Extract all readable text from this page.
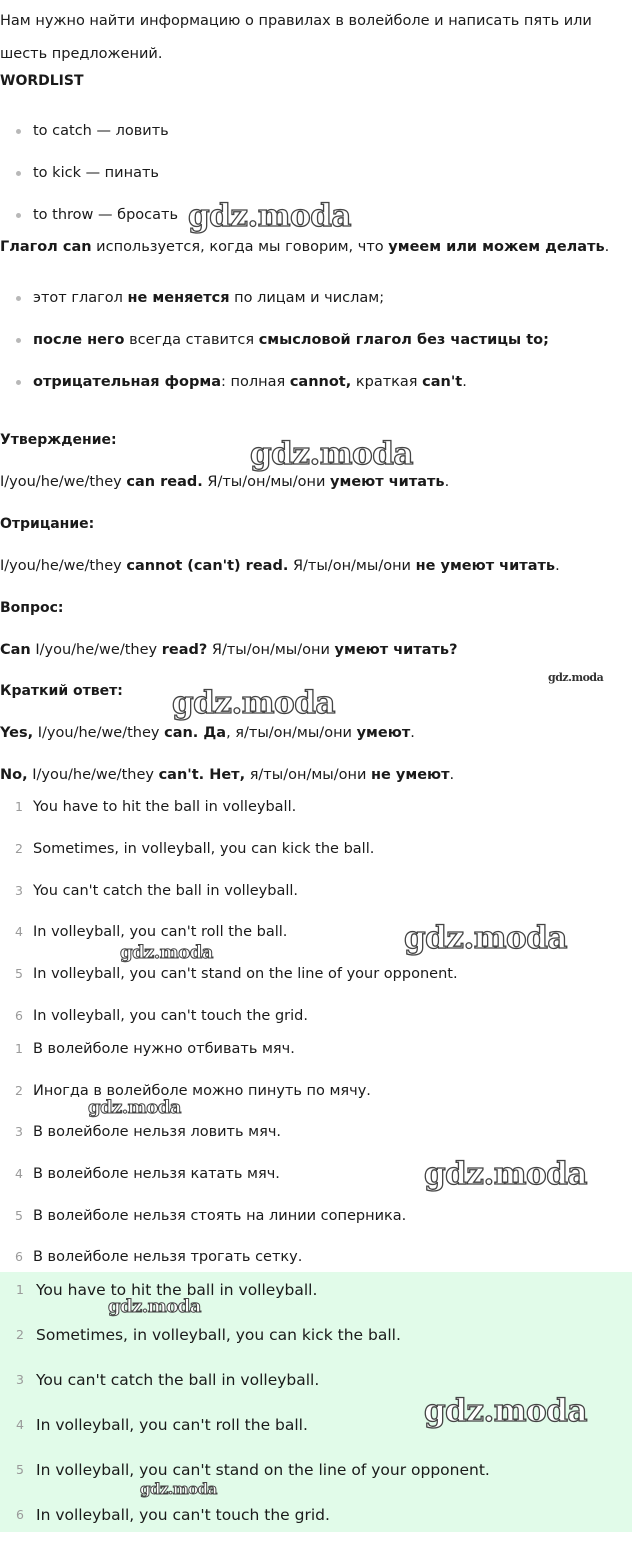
Нам нужно найти информацию о правилах в волейболе и написать пять или шесть предложений.
WORDLIST
to catch — ловить
to kick — пинать
to throw — бросать
Глагол can используется, когда мы говорим, что умеем или можем делать.
этот глагол не меняется по лицам и числам;
после него всегда ставится смысловой глагол без частицы to;
отрицательная форма: полная cannot, краткая can't.
Утверждение:
I/you/he/we/they can read. Я/ты/он/мы/они умеют читать.
Отрицание:
I/you/he/we/they cannot (can't) read. Я/ты/он/мы/они не умеют читать.
Вопрос:
Can I/you/he/we/they read? Я/ты/он/мы/они умеют читать?
Краткий ответ:
Yes, I/you/he/we/they can. Да, я/ты/он/мы/они умеют.
No, I/you/he/we/they can't. Нет, я/ты/он/мы/они не умеют.
1 You have to hit the ball in volleyball.
2 Sometimes, in volleyball, you can kick the ball.
3 You can't catch the ball in volleyball.
4 In volleyball, you can't roll the ball.
5 In volleyball, you can't stand on the line of your opponent.
6 In volleyball, you can't touch the grid.
1 В волейболе нужно отбивать мяч.
2 Иногда в волейболе можно пинуть по мячу.
3 В волейболе нельзя ловить мяч.
4 В волейболе нельзя катать мяч.
5 В волейболе нельзя стоять на линии соперника.
6 В волейболе нельзя трогать сетку.
1 You have to hit the ball in volleyball.
2 Sometimes, in volleyball, you can kick the ball.
3 You can't catch the ball in volleyball.
4 In volleyball, you can't roll the ball.
5 In volleyball, you can't stand on the line of your opponent.
6 In volleyball, you can't touch the grid.
gdz.moda
gdz.moda
gdz.moda
gdz.moda
gdz.moda
gdz.moda
gdz.moda
gdz.moda
gdz.moda
gdz.moda
gdz.moda
